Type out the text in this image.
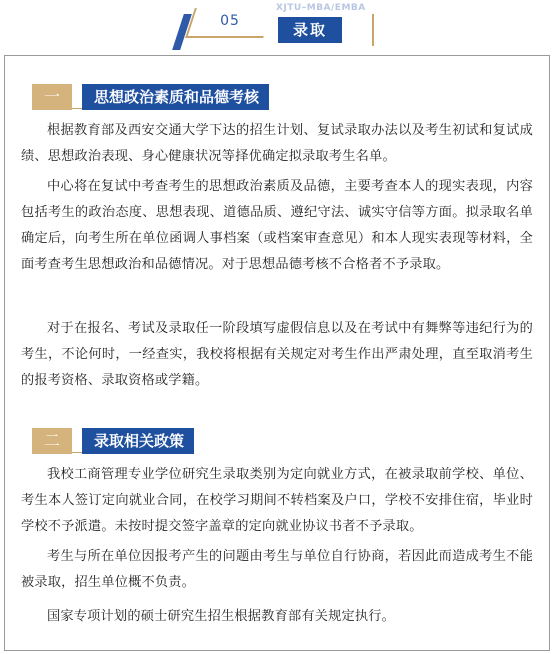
05
XJTU–MBA/EMBA
录取
一	思想政治素质和品德考核

根据教育部及西安交通大学下达的招生计划、复试录取办法以及考生初试和复试成绩、思想政治表现、身心健康状况等择优确定拟录取考生名单。

中心将在复试中考查考生的思想政治素质及品德，主要考查本人的现实表现，内容包括考生的政治态度、思想表现、道德品质、遵纪守法、诚实守信等方面。拟录取名单确定后，向考生所在单位函调人事档案（或档案审查意见）和本人现实表现等材料，全面考查考生思想政治和品德情况。对于思想品德考核不合格者不予录取。

对于在报名、考试及录取任一阶段填写虚假信息以及在考试中有舞弊等违纪行为的考生，不论何时，一经查实，我校将根据有关规定对考生作出严肃处理，直至取消考生的报考资格、录取资格或学籍。

二	录取相关政策

我校工商管理专业学位研究生录取类别为定向就业方式，在被录取前学校、单位、考生本人签订定向就业合同，在校学习期间不转档案及户口，学校不安排住宿，毕业时学校不予派遣。未按时提交签字盖章的定向就业协议书者不予录取。

考生与所在单位因报考产生的问题由考生与单位自行协商，若因此而造成考生不能被录取，招生单位概不负责。

国家专项计划的硕士研究生招生根据教育部有关规定执行。
